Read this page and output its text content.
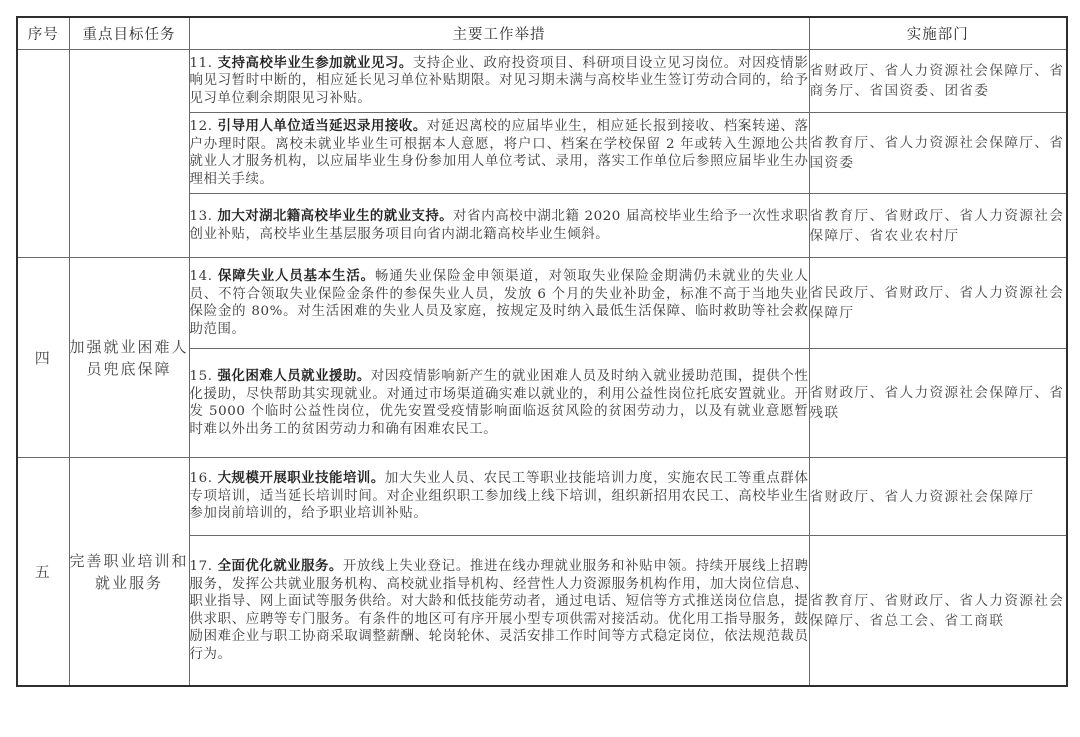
序号	重点目标任务	主要工作举措	实施部门
		11. 支持高校毕业生参加就业见习。支持企业、政府投资项目、科研项目设立见习岗位。对因疫情影响见习暂时中断的，相应延长见习单位补贴期限。对见习期未满与高校毕业生签订劳动合同的，给予见习单位剩余期限见习补贴。	省财政厅、省人力资源社会保障厅、省商务厅、省国资委、团省委
		12. 引导用人单位适当延迟录用接收。对延迟离校的应届毕业生，相应延长报到接收、档案转递、落户办理时限。离校未就业毕业生可根据本人意愿，将户口、档案在学校保留 2 年或转入生源地公共就业人才服务机构，以应届毕业生身份参加用人单位考试、录用，落实工作单位后参照应届毕业生办理相关手续。	省教育厅、省人力资源社会保障厅、省国资委
		13. 加大对湖北籍高校毕业生的就业支持。对省内高校中湖北籍 2020 届高校毕业生给予一次性求职创业补贴，高校毕业生基层服务项目向省内湖北籍高校毕业生倾斜。	省教育厅、省财政厅、省人力资源社会保障厅、省农业农村厅
四	加强就业困难人员兜底保障	14. 保障失业人员基本生活。畅通失业保险金申领渠道，对领取失业保险金期满仍未就业的失业人员、不符合领取失业保险金条件的参保失业人员，发放 6 个月的失业补助金，标准不高于当地失业保险金的 80%。对生活困难的失业人员及家庭，按规定及时纳入最低生活保障、临时救助等社会救助范围。	省民政厅、省财政厅、省人力资源社会保障厅
		15. 强化困难人员就业援助。对因疫情影响新产生的就业困难人员及时纳入就业援助范围，提供个性化援助，尽快帮助其实现就业。对通过市场渠道确实难以就业的，利用公益性岗位托底安置就业。开发 5000 个临时公益性岗位，优先安置受疫情影响面临返贫风险的贫困劳动力，以及有就业意愿暂时难以外出务工的贫困劳动力和确有困难农民工。	省财政厅、省人力资源社会保障厅、省残联
五	完善职业培训和就业服务	16. 大规模开展职业技能培训。加大失业人员、农民工等职业技能培训力度，实施农民工等重点群体专项培训，适当延长培训时间。对企业组织职工参加线上线下培训，组织新招用农民工、高校毕业生参加岗前培训的，给予职业培训补贴。	省财政厅、省人力资源社会保障厅
		17. 全面优化就业服务。开放线上失业登记。推进在线办理就业服务和补贴申领。持续开展线上招聘服务，发挥公共就业服务机构、高校就业指导机构、经营性人力资源服务机构作用，加大岗位信息、职业指导、网上面试等服务供给。对大龄和低技能劳动者，通过电话、短信等方式推送岗位信息，提供求职、应聘等专门服务。有条件的地区可有序开展小型专项供需对接活动。优化用工指导服务，鼓励困难企业与职工协商采取调整薪酬、轮岗轮休、灵活安排工作时间等方式稳定岗位，依法规范裁员行为。	省教育厅、省财政厅、省人力资源社会保障厅、省总工会、省工商联
